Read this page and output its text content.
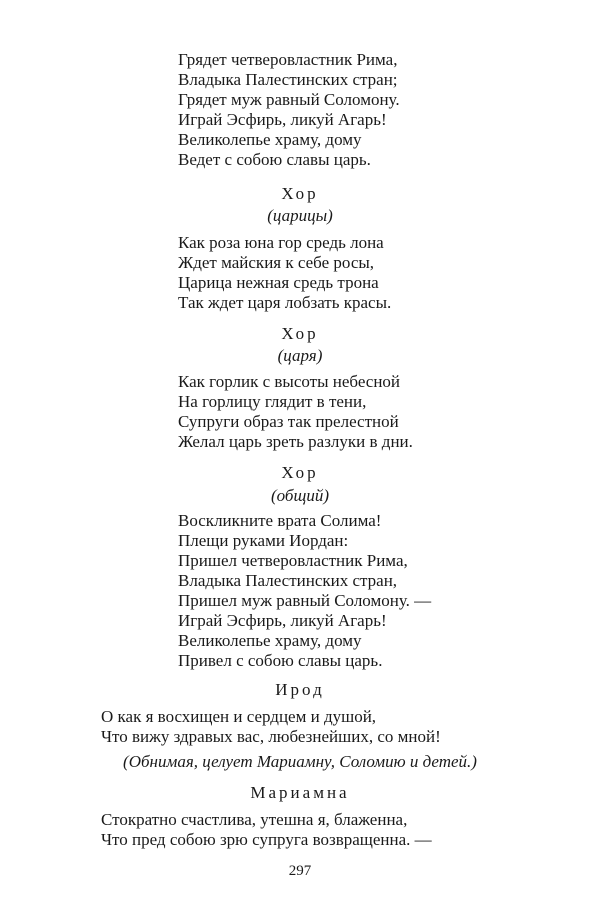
Грядет четверовластник Рима,
Владыка Палестинских стран;
Грядет муж равный Соломону.
Играй Эсфирь, ликуй Агарь!
Великолепье храму, дому
Ведет с собою славы царь.
Хор
(царицы)
Как роза юна гор средь лона
Ждет майския к себе росы,
Царица нежная средь трона
Так ждет царя лобзать красы.
Хор
(царя)
Как горлик с высоты небесной
На горлицу глядит в тени,
Супруги образ так прелестной
Желал царь зреть разлуки в дни.
Хор
(общий)
Воскликните врата Солима!
Плещи руками Иордан:
Пришел четверовластник Рима,
Владыка Палестинских стран,
Пришел муж равный Соломону. —
Играй Эсфирь, ликуй Агарь!
Великолепье храму, дому
Привел с собою славы царь.
Ирод
О как я восхищен и сердцем и душой,
Что вижу здравых вас, любезнейших, со мной!
(Обнимая, целует Мариамну, Соломию и детей.)
Мариамна
Стократно счастлива, утешна я, блаженна,
Что пред собою зрю супруга возвращенна. —
297
